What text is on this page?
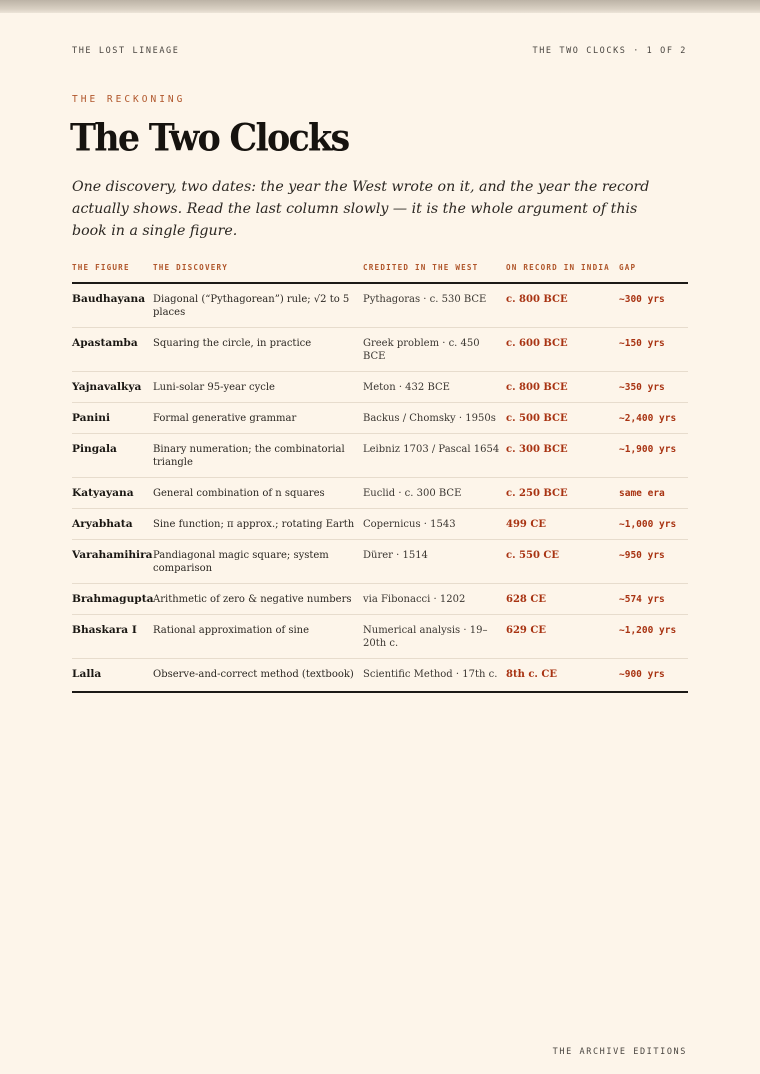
THE LOST LINEAGE	THE TWO CLOCKS · 1 OF 2
THE RECKONING
The Two Clocks

One discovery, two dates: the year the West wrote on it, and the year the record actually shows. Read the last column slowly — it is the whole argument of this book in a single figure.

THE FIGURE	THE DISCOVERY	CREDITED IN THE WEST	ON RECORD IN INDIA	GAP
Baudhayana	Diagonal (“Pythagorean”) rule; √2 to 5 places	Pythagoras · c. 530 BCE	c. 800 BCE	~300 yrs
Apastamba	Squaring the circle, in practice	Greek problem · c. 450 BCE	c. 600 BCE	~150 yrs
Yajnavalkya	Luni-solar 95-year cycle	Meton · 432 BCE	c. 800 BCE	~350 yrs
Panini	Formal generative grammar	Backus / Chomsky · 1950s	c. 500 BCE	~2,400 yrs
Pingala	Binary numeration; the combinatorial triangle	Leibniz 1703 / Pascal 1654	c. 300 BCE	~1,900 yrs
Katyayana	General combination of n squares	Euclid · c. 300 BCE	c. 250 BCE	same era
Aryabhata	Sine function; π approx.; rotating Earth	Copernicus · 1543	499 CE	~1,000 yrs
Varahamihira	Pandiagonal magic square; system comparison	Dürer · 1514	c. 550 CE	~950 yrs
Brahmagupta	Arithmetic of zero & negative numbers	via Fibonacci · 1202	628 CE	~574 yrs
Bhaskara I	Rational approximation of sine	Numerical analysis · 19–20th c.	629 CE	~1,200 yrs
Lalla	Observe-and-correct method (textbook)	Scientific Method · 17th c.	8th c. CE	~900 yrs
THE ARCHIVE EDITIONS
